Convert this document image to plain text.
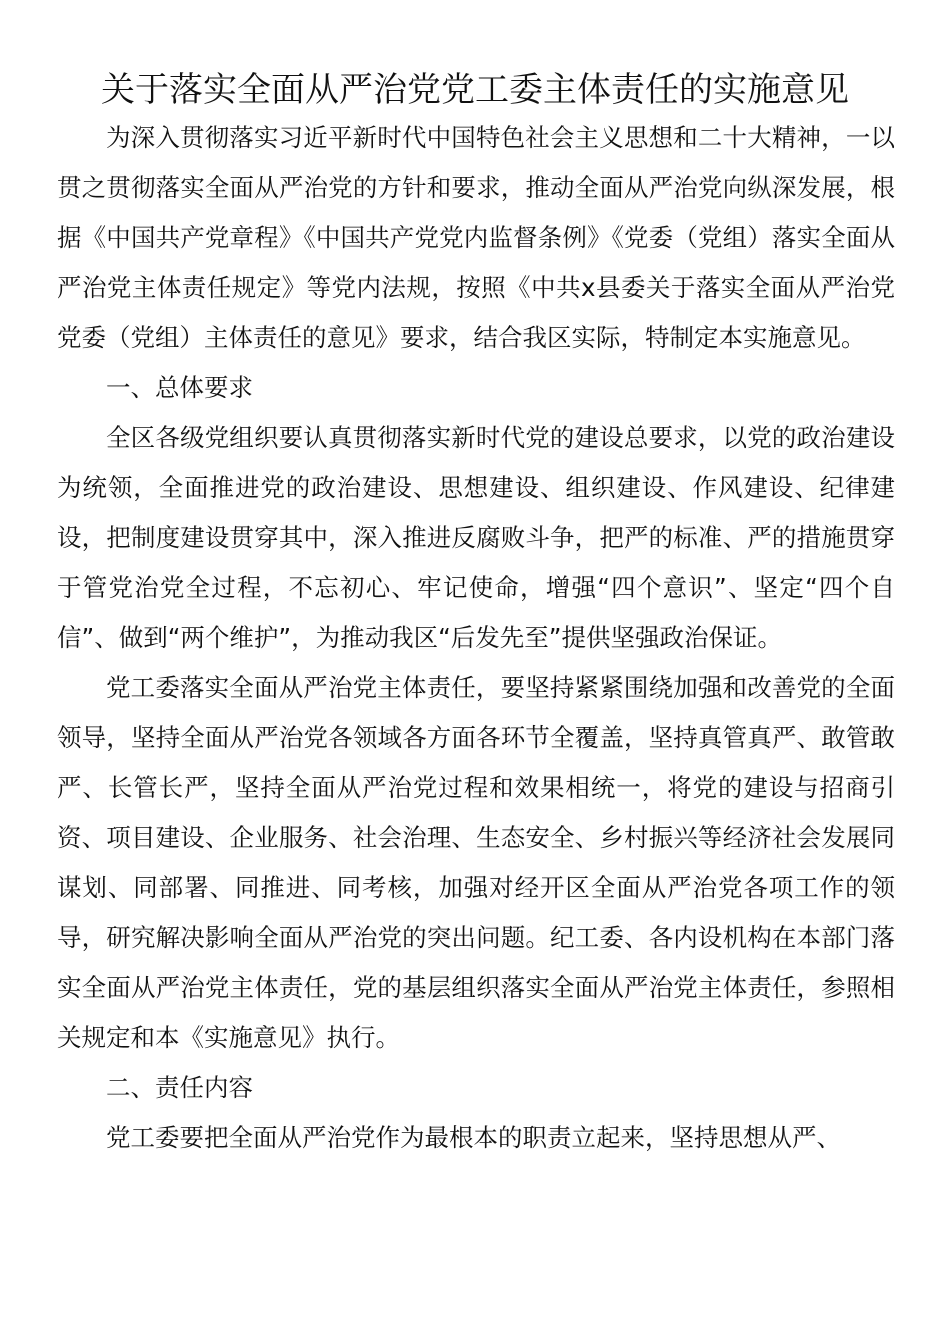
关于落实全面从严治党党工委主体责任的实施意见

为深入贯彻落实习近平新时代中国特色社会主义思想和二十大精神，一以贯之贯彻落实全面从严治党的方针和要求，推动全面从严治党向纵深发展，根据《中国共产党章程》《中国共产党党内监督条例》《党委（党组）落实全面从严治党主体责任规定》等党内法规，按照《中共x县委关于落实全面从严治党党委（党组）主体责任的意见》要求，结合我区实际，特制定本实施意见。

一、总体要求

全区各级党组织要认真贯彻落实新时代党的建设总要求，以党的政治建设为统领，全面推进党的政治建设、思想建设、组织建设、作风建设、纪律建设，把制度建设贯穿其中，深入推进反腐败斗争，把严的标准、严的措施贯穿于管党治党全过程，不忘初心、牢记使命，增强“四个意识”、坚定“四个自信”、做到“两个维护”，为推动我区“后发先至”提供坚强政治保证。

党工委落实全面从严治党主体责任，要坚持紧紧围绕加强和改善党的全面领导，坚持全面从严治党各领域各方面各环节全覆盖，坚持真管真严、敢管敢严、长管长严，坚持全面从严治党过程和效果相统一，将党的建设与招商引资、项目建设、企业服务、社会治理、生态安全、乡村振兴等经济社会发展同谋划、同部署、同推进、同考核，加强对经开区全面从严治党各项工作的领导，研究解决影响全面从严治党的突出问题。纪工委、各内设机构在本部门落实全面从严治党主体责任，党的基层组织落实全面从严治党主体责任，参照相关规定和本《实施意见》执行。

二、责任内容

党工委要把全面从严治党作为最根本的职责立起来，坚持思想从严、
